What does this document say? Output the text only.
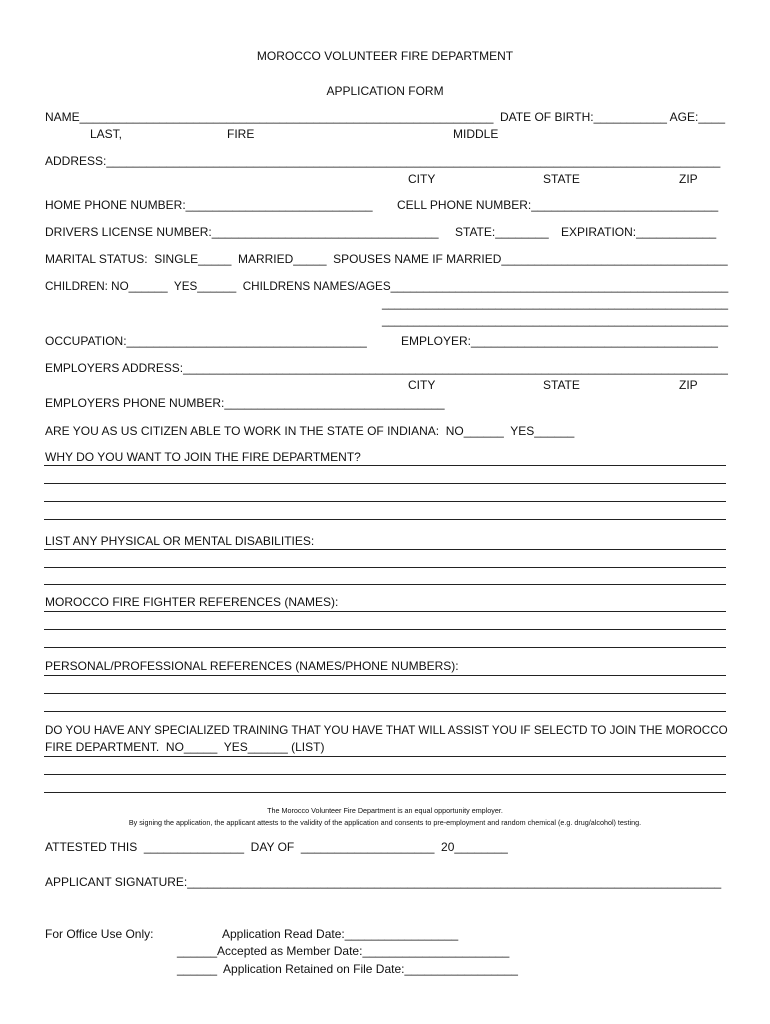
MOROCCO VOLUNTEER FIRE DEPARTMENT
APPLICATION FORM
NAME______________________________________________________________ DATE OF BIRTH:___________ AGE:____
LAST,	FIRE	MIDDLE
ADDRESS:____________________________________________________________________________________________
CITY	STATE	ZIP
HOME PHONE NUMBER:____________________________ CELL PHONE NUMBER:____________________________
DRIVERS LICENSE NUMBER:__________________________________ STATE:________ EXPIRATION:____________
MARITAL STATUS:  SINGLE_____  MARRIED_____  SPOUSES NAME IF MARRIED__________________________________
CHILDREN: NO______  YES______  CHILDRENS NAMES/AGES____________________________________________________
_______________________________________________________
_______________________________________________________
OCCUPATION:____________________________________	EMPLOYER:_____________________________________
EMPLOYERS ADDRESS:__________________________________________________________________________________
CITY	STATE	ZIP
EMPLOYERS PHONE NUMBER:_________________________________
ARE YOU AS US CITIZEN ABLE TO WORK IN THE STATE OF INDIANA:  NO______  YES______
WHY DO YOU WANT TO JOIN THE FIRE DEPARTMENT?
LIST ANY PHYSICAL OR MENTAL DISABILITIES:
MOROCCO FIRE FIGHTER REFERENCES (NAMES):
PERSONAL/PROFESSIONAL REFERENCES (NAMES/PHONE NUMBERS):
DO YOU HAVE ANY SPECIALIZED TRAINING THAT YOU HAVE THAT WILL ASSIST YOU IF SELECTD TO JOIN THE MOROCCO
FIRE DEPARTMENT.  NO_____  YES______ (LIST)
The Morocco Volunteer Fire Department is an equal opportunity employer.
By signing the application, the applicant attests to the validity of the application and consents to pre-employment and random chemical (e.g. drug/alcohol) testing.
ATTESTED THIS  _______________  DAY OF  ____________________  20________
APPLICANT SIGNATURE:________________________________________________________________________________
For Office Use Only:	Application Read Date:_________________
______Accepted as Member Date:______________________
______  Application Retained on File Date:_________________
